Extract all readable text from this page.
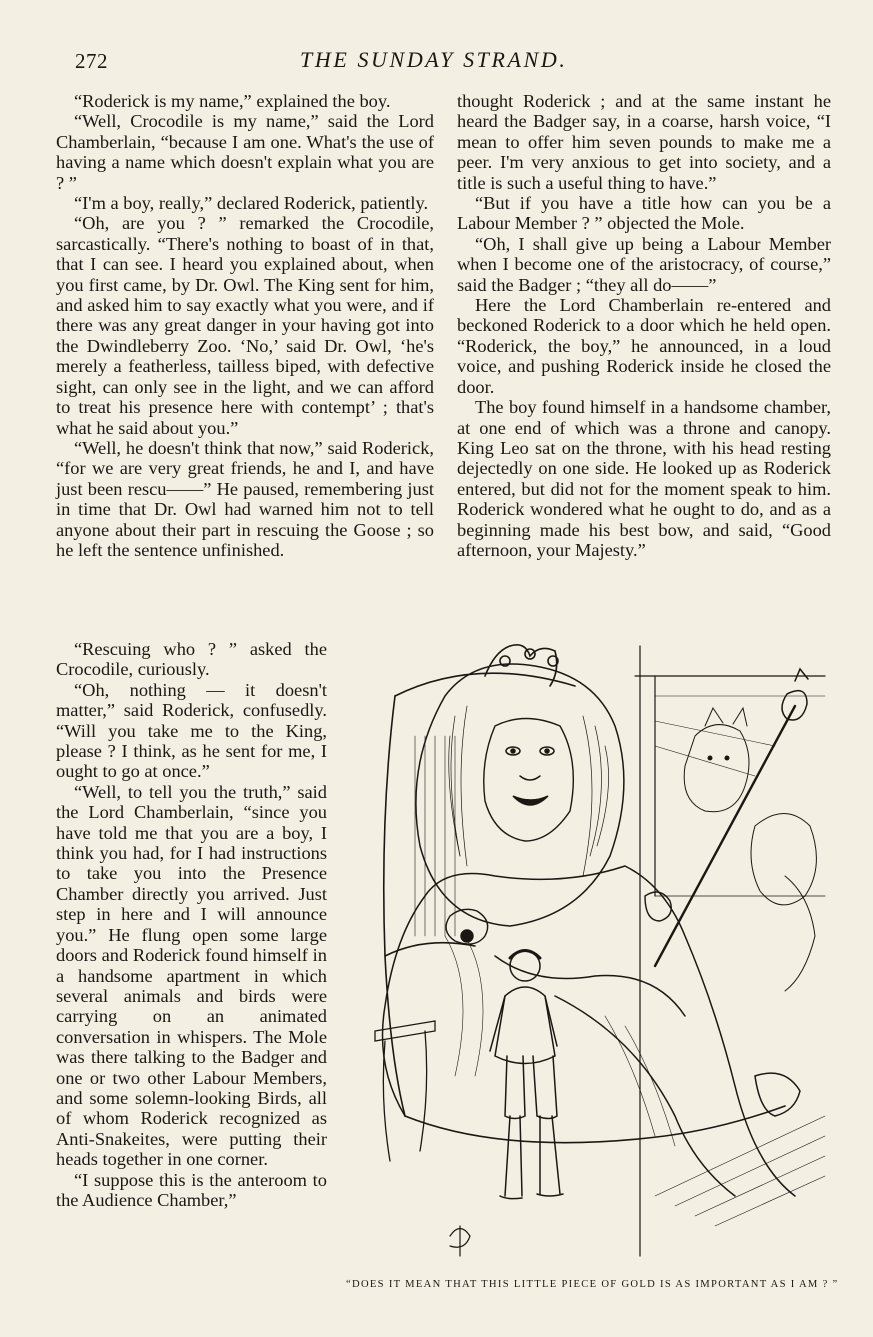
272	THE SUNDAY STRAND.

“Roderick is my name,” explained the boy.

“Well, Crocodile is my name,” said the Lord Chamberlain, “because I am one. What's the use of having a name which doesn't explain what you are ? ”

“I'm a boy, really,” declared Roderick, patiently.

“Oh, are you ? ” remarked the Crocodile, sarcastically. “There's nothing to boast of in that, that I can see. I heard you explained about, when you first came, by Dr. Owl. The King sent for him, and asked him to say exactly what you were, and if there was any great danger in your having got into the Dwindleberry Zoo. ‘No,’ said Dr. Owl, ‘he's merely a featherless, tailless biped, with defective sight, can only see in the light, and we can afford to treat his presence here with contempt’ ; that's what he said about you.”

“Well, he doesn't think that now,” said Roderick, “for we are very great friends, he and I, and have just been rescu——” He paused, remembering just in time that Dr. Owl had warned him not to tell anyone about their part in rescuing the Goose ; so he left the sentence unfinished.

“Rescuing who ? ” asked the Crocodile, curiously.

“Oh, nothing — it doesn't matter,” said Roderick, confusedly. “Will you take me to the King, please ? I think, as he sent for me, I ought to go at once.”

“Well, to tell you the truth,” said the Lord Chamberlain, “since you have told me that you are a boy, I think you had, for I had instructions to take you into the Presence Chamber directly you arrived. Just step in here and I will announce you.” He flung open some large doors and Roderick found himself in a handsome apartment in which several animals and birds were carrying on an animated conversation in whispers. The Mole was there talking to the Badger and one or two other Labour Members, and some solemn-looking Birds, all of whom Roderick recognized as Anti-Snakeites, were putting their heads together in one corner.

“I suppose this is the anteroom to the Audience Chamber,”

thought Roderick ; and at the same instant he heard the Badger say, in a coarse, harsh voice, “I mean to offer him seven pounds to make me a peer. I'm very anxious to get into society, and a title is such a useful thing to have.”

“But if you have a title how can you be a Labour Member ? ” objected the Mole.

“Oh, I shall give up being a Labour Member when I become one of the aristocracy, of course,” said the Badger ; “they all do——”

Here the Lord Chamberlain re-entered and beckoned Roderick to a door which he held open. “Roderick, the boy,” he announced, in a loud voice, and pushing Roderick inside he closed the door.

The boy found himself in a handsome chamber, at one end of which was a throne and canopy. King Leo sat on the throne, with his head resting dejectedly on one side. He looked up as Roderick entered, but did not for the moment speak to him. Roderick wondered what he ought to do, and as a beginning made his best bow, and said, “Good afternoon, your Majesty.”

“DOES IT MEAN THAT THIS LITTLE PIECE OF GOLD IS AS IMPORTANT AS I AM ? ”
